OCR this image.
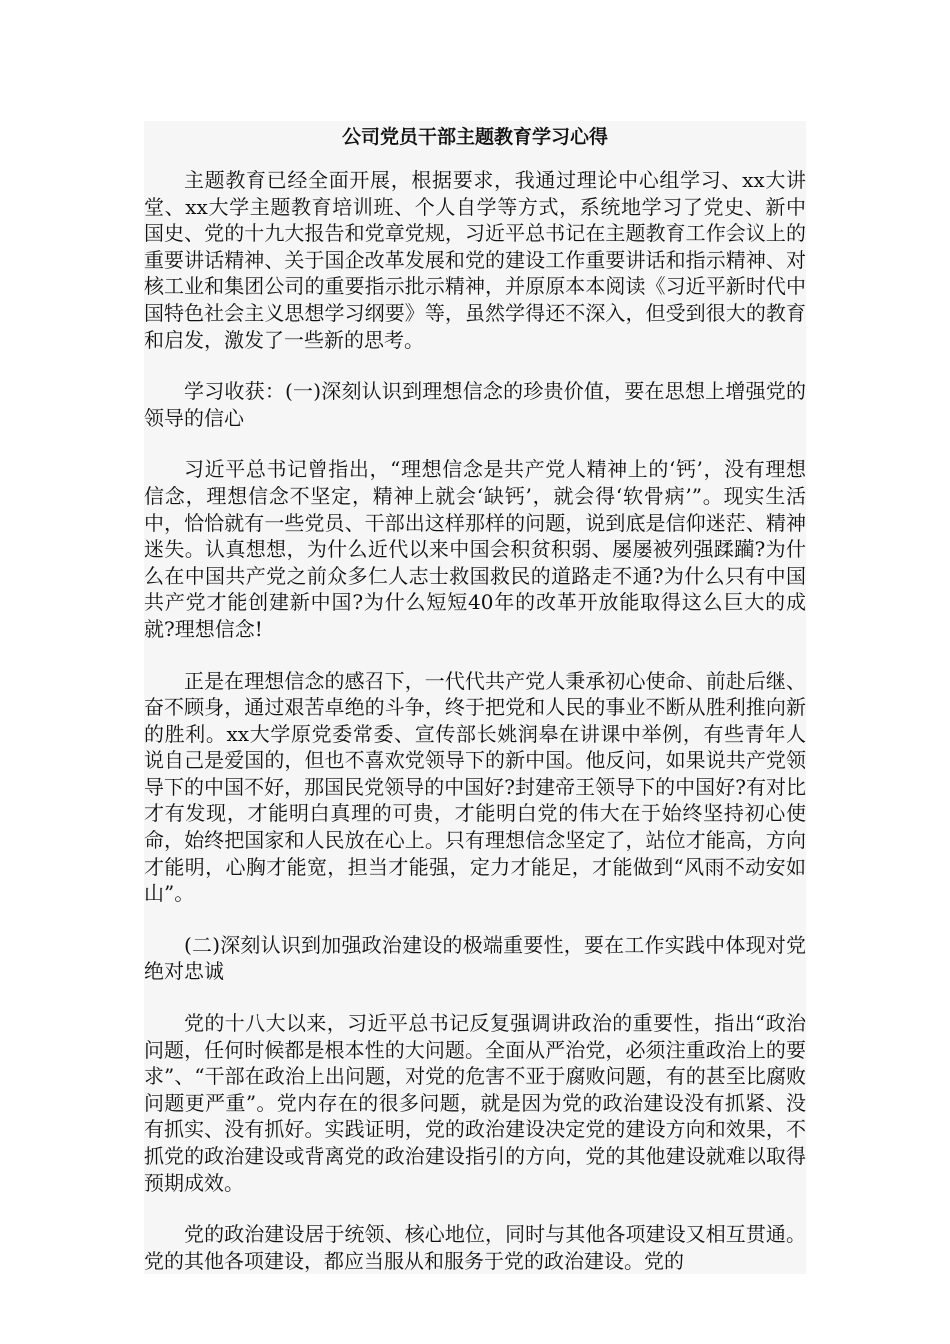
公司党员干部主题教育学习心得

主题教育已经全面开展，根据要求，我通过理论中心组学习、xx大讲堂、xx大学主题教育培训班、个人自学等方式，系统地学习了党史、新中国史、党的十九大报告和党章党规，习近平总书记在主题教育工作会议上的重要讲话精神、关于国企改革发展和党的建设工作重要讲话和指示精神、对核工业和集团公司的重要指示批示精神，并原原本本阅读《习近平新时代中国特色社会主义思想学习纲要》等，虽然学得还不深入，但受到很大的教育和启发，激发了一些新的思考。

学习收获：(一)深刻认识到理想信念的珍贵价值，要在思想上增强党的领导的信心

习近平总书记曾指出，“理想信念是共产党人精神上的‘钙’，没有理想信念，理想信念不坚定，精神上就会‘缺钙’，就会得‘软骨病’”。现实生活中，恰恰就有一些党员、干部出这样那样的问题，说到底是信仰迷茫、精神迷失。认真想想，为什么近代以来中国会积贫积弱、屡屡被列强蹂躏?为什么在中国共产党之前众多仁人志士救国救民的道路走不通?为什么只有中国共产党才能创建新中国?为什么短短40年的改革开放能取得这么巨大的成就?理想信念!

正是在理想信念的感召下，一代代共产党人秉承初心使命、前赴后继、奋不顾身，通过艰苦卓绝的斗争，终于把党和人民的事业不断从胜利推向新的胜利。xx大学原党委常委、宣传部长姚润皋在讲课中举例，有些青年人说自己是爱国的，但也不喜欢党领导下的新中国。他反问，如果说共产党领导下的中国不好，那国民党领导的中国好?封建帝王领导下的中国好?有对比才有发现，才能明白真理的可贵，才能明白党的伟大在于始终坚持初心使命，始终把国家和人民放在心上。只有理想信念坚定了，站位才能高，方向才能明，心胸才能宽，担当才能强，定力才能足，才能做到“风雨不动安如山”。

(二)深刻认识到加强政治建设的极端重要性，要在工作实践中体现对党绝对忠诚

党的十八大以来，习近平总书记反复强调讲政治的重要性，指出“政治问题，任何时候都是根本性的大问题。全面从严治党，必须注重政治上的要求”、“干部在政治上出问题，对党的危害不亚于腐败问题，有的甚至比腐败问题更严重”。党内存在的很多问题，就是因为党的政治建设没有抓紧、没有抓实、没有抓好。实践证明，党的政治建设决定党的建设方向和效果，不抓党的政治建设或背离党的政治建设指引的方向，党的其他建设就难以取得预期成效。

党的政治建设居于统领、核心地位，同时与其他各项建设又相互贯通。党的其他各项建设，都应当服从和服务于党的政治建设。党的
